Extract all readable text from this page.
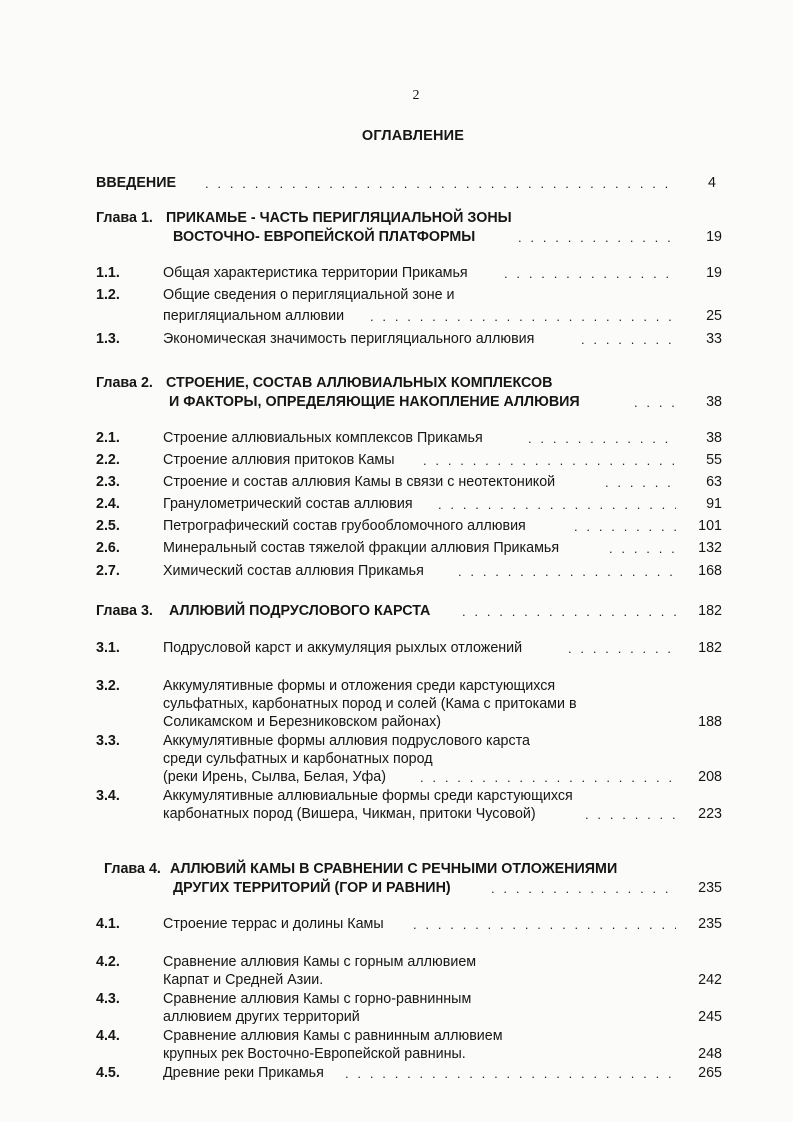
2
ОГЛАВЛЕНИЕ
ВВЕДЕНИЕ . . .	4
Глава 1. ПРИКАМЬЕ - ЧАСТЬ ПЕРИГЛЯЦИАЛЬНОЙ ЗОНЫ
ВОСТОЧНО- ЕВРОПЕЙСКОЙ ПЛАТФОРМЫ . . .	19
1.1.	Общая характеристика территории Прикамья . . .	19
1.2.	Общие сведения о перигляциальной зоне и
перигляциальном аллювии . . .	25
1.3.	Экономическая значимость перигляциального аллювия . . .	33
Глава 2. СТРОЕНИЕ, СОСТАВ АЛЛЮВИАЛЬНЫХ КОМПЛЕКСОВ
И ФАКТОРЫ, ОПРЕДЕЛЯЮЩИЕ НАКОПЛЕНИЕ АЛЛЮВИЯ . . .	38
2.1.	Строение аллювиальных комплексов Прикамья . . .	38
2.2.	Строение аллювия притоков Камы . . .	55
2.3.	Строение и состав аллювия Камы в связи с неотектоникой . . .	63
2.4.	Гранулометрический состав аллювия . . .	91
2.5.	Петрографический состав грубообломочного аллювия . . .	101
2.6.	Минеральный состав тяжелой фракции аллювия Прикамья . . .	132
2.7.	Химический состав аллювия Прикамья . . .	168
Глава 3. АЛЛЮВИЙ ПОДРУСЛОВОГО КАРСТА . . .	182
3.1.	Подрусловой карст и аккумуляция рыхлых отложений . . .	182
3.2.	Аккумулятивные формы и отложения среди карстующихся
сульфатных, карбонатных пород и солей (Кама с притоками в
Соликамском и Березниковском районах)	188
3.3.	Аккумулятивные формы аллювия подруслового карста
среди сульфатных и карбонатных пород
(реки Ирень, Сылва, Белая, Уфа) . . .	208
3.4.	Аккумулятивные аллювиальные формы среди карстующихся
карбонатных пород (Вишера, Чикман, притоки Чусовой) . . .	223
Глава 4. АЛЛЮВИЙ КАМЫ В СРАВНЕНИИ С РЕЧНЫМИ ОТЛОЖЕНИЯМИ
ДРУГИХ ТЕРРИТОРИЙ (ГОР И РАВНИН) . . .	235
4.1.	Строение террас и долины Камы . . .	235
4.2.	Сравнение аллювия Камы с горным аллювием
Карпат и Средней Азии.	242
4.3.	Сравнение аллювия Камы с горно-равнинным
аллювием других территорий	245
4.4.	Сравнение аллювия Камы с равнинным аллювием
крупных рек Восточно-Европейской равнины.	248
4.5.	Древние реки Прикамья . . .	265
